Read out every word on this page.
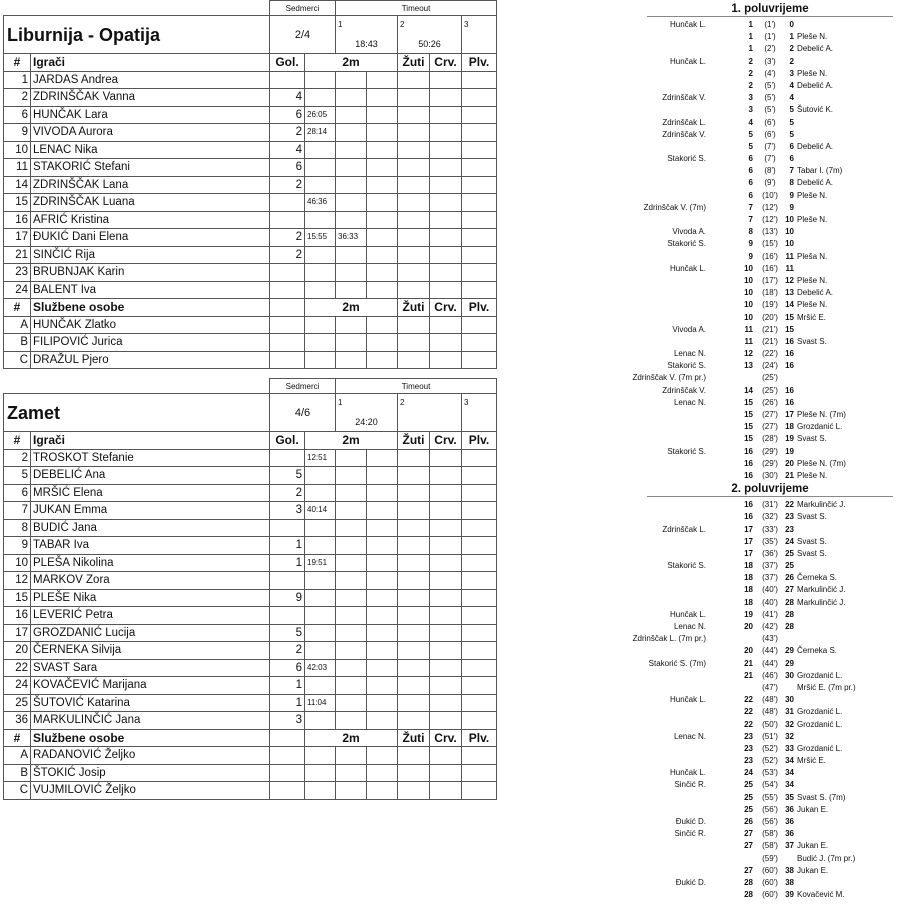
		Sedmerci		Timeout				
Liburnija - Opatija		2/4		1
18:43		2
50:26		3

#	Igrači	Gol.	2m			Žuti	Crv.	Plv.
1	JARDAS Andrea							
2	ZDRINŠČAK Vanna	4						
6	HUNČAK Lara	6	26:05					
9	VIVODA Aurora	2	28:14					
10	LENAC Nika	4						
11	STAKORIĆ Stefani	6						
14	ZDRINŠČAK Lana	2						
15	ZDRINŠČAK Luana		46:36					
16	AFRIĆ Kristina							
17	ĐUKIĆ Dani Elena	2	15:55	36:33				
21	SINČIĆ Rija	2						
23	BRUBNJAK Karin							
24	BALENT Iva							
#	Službene osobe		2m			Žuti	Crv.	Plv.
A	HUNČAK Zlatko							
B	FILIPOVIĆ Jurica							
C	DRAŽUL Pjero							
		Sedmerci		Timeout				
Zamet		4/6		1
24:20		2		3

#	Igrači	Gol.	2m			Žuti	Crv.	Plv.
2	TROSKOT Stefanie		12:51					
5	DEBELIĆ Ana	5						
6	MRŠIĆ Elena	2						
7	JUKAN Emma	3	40:14					
8	BUDIĆ Jana							
9	TABAR Iva	1						
10	PLEŠA Nikolina	1	19:51					
12	MARKOV Zora							
15	PLEŠE Nika	9						
16	LEVERIĆ Petra							
17	GROZDANIĆ Lucija	5						
20	ČERNEKA Silvija	2						
22	SVAST Sara	6	42:03					
24	KOVAČEVIĆ Marijana	1						
25	ŠUTOVIĆ Katarina	1	11:04					
36	MARKULINČIĆ Jana	3						
#	Službene osobe		2m			Žuti	Crv.	Plv.
A	RADANOVIĆ Željko							
B	ŠTOKIĆ Josip							
C	VUJMILOVIĆ Željko							
1. poluvrijeme
Hunčak L.	1	(1')	0
1	(1')	1 Pleše N.
1	(2')	2 Debelić A.
Hunčak L.	2	(3')	2
2	(4')	3 Pleše N.
2	(5')	4 Debelić A.
Zdrinščak V.	3	(5')	4
3	(5')	5 Šutović K.
Zdrinščak L.	4	(6')	5
Zdrinščak V.	5	(6')	5
5	(7')	6 Debelić A.
Stakorić S.	6	(7')	6
6	(8')	7 Tabar I. (7m)
6	(9')	8 Debelić A.
6	(10')	9 Pleše N.
Zdrinščak V. (7m)	7	(12')	9
7	(12') 10 Pleše N.
Vivoda A.	8	(13') 10
Stakorić S.	9	(15') 10
9	(16') 11 Pleša N.
Hunčak L.	10	(16') 11
10	(17') 12 Pleše N.
10	(18') 13 Debelić A.
10	(19') 14 Pleše N.
10	(20') 15 Mršić E.
Vivoda A.	11	(21') 15
11	(21') 16 Svast S.
Lenac N.	12	(22') 16
Stakorić S.	13	(24') 16
Zdrinščak V. (7m pr.)	(25')
Zdrinščak V.	14	(25') 16
Lenac N.	15	(26') 16
15	(27') 17 Pleše N. (7m)
15	(27') 18 Grozdanić L.
15	(28') 19 Svast S.
Stakorić S.	16	(29') 19
16	(29') 20 Pleše N. (7m)
16	(30') 21 Pleše N.
2. poluvrijeme
16	(31') 22 Markulinčić J.
16	(32') 23 Svast S.
Zdrinščak L.	17	(33') 23
17	(35') 24 Svast S.
17	(36') 25 Svast S.
Stakorić S.	18	(37') 25
18	(37') 26 Černeka S.
18	(40') 27 Markulinčić J.
18	(40') 28 Markulinčić J.
Hunčak L.	19	(41') 28
Lenac N.	20	(42') 28
Zdrinščak L. (7m pr.)	(43')
20	(44') 29 Černeka S.
Stakorić S. (7m)	21	(44') 29
21	(46') 30 Grozdanić L.
(47')	Mršić E. (7m pr.)
Hunčak L.	22	(48') 30
22	(48') 31 Grozdanić L.
22	(50') 32 Grozdanić L.
Lenac N.	23	(51') 32
23	(52') 33 Grozdanić L.
23	(52') 34 Mršić E.
Hunčak L.	24	(53') 34
Sinčić R.	25	(54') 34
25	(55') 35 Svast S. (7m)
25	(56') 36 Jukan E.
Đukić D.	26	(56') 36
Sinčić R.	27	(58') 36
27	(58') 37 Jukan E.
(59')	Budić J. (7m pr.)
27	(60') 38 Jukan E.
Đukić D.	28	(60') 38
28	(60') 39 Kovačević M.
